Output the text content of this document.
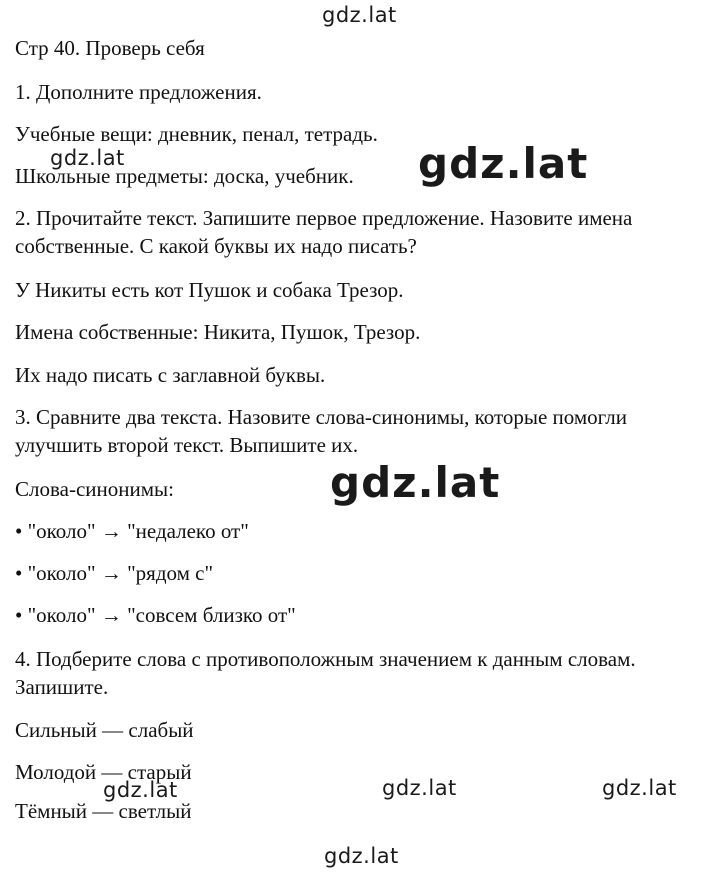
gdz.lat
gdz.lat	gdz.lat
gdz.lat
gdz.lat	gdz.lat	gdz.lat
gdz.lat
Стр 40. Проверь себя
1. Дополните предложения.
Учебные вещи: дневник, пенал, тетрадь.
Школьные предметы: доска, учебник.
2. Прочитайте текст. Запишите первое предложение. Назовите имена
собственные. С какой буквы их надо писать?
У Никиты есть кот Пушок и собака Трезор.
Имена собственные: Никита, Пушок, Трезор.
Их надо писать с заглавной буквы.
3. Сравните два текста. Назовите слова-синонимы, которые помогли
улучшить второй текст. Выпишите их.
Слова-синонимы:
• "около" → "недалеко от"
• "около" → "рядом с"
• "около" → "совсем близко от"
4. Подберите слова с противоположным значением к данным словам.
Запишите.
Сильный — слабый
Молодой — старый
Тёмный — светлый
